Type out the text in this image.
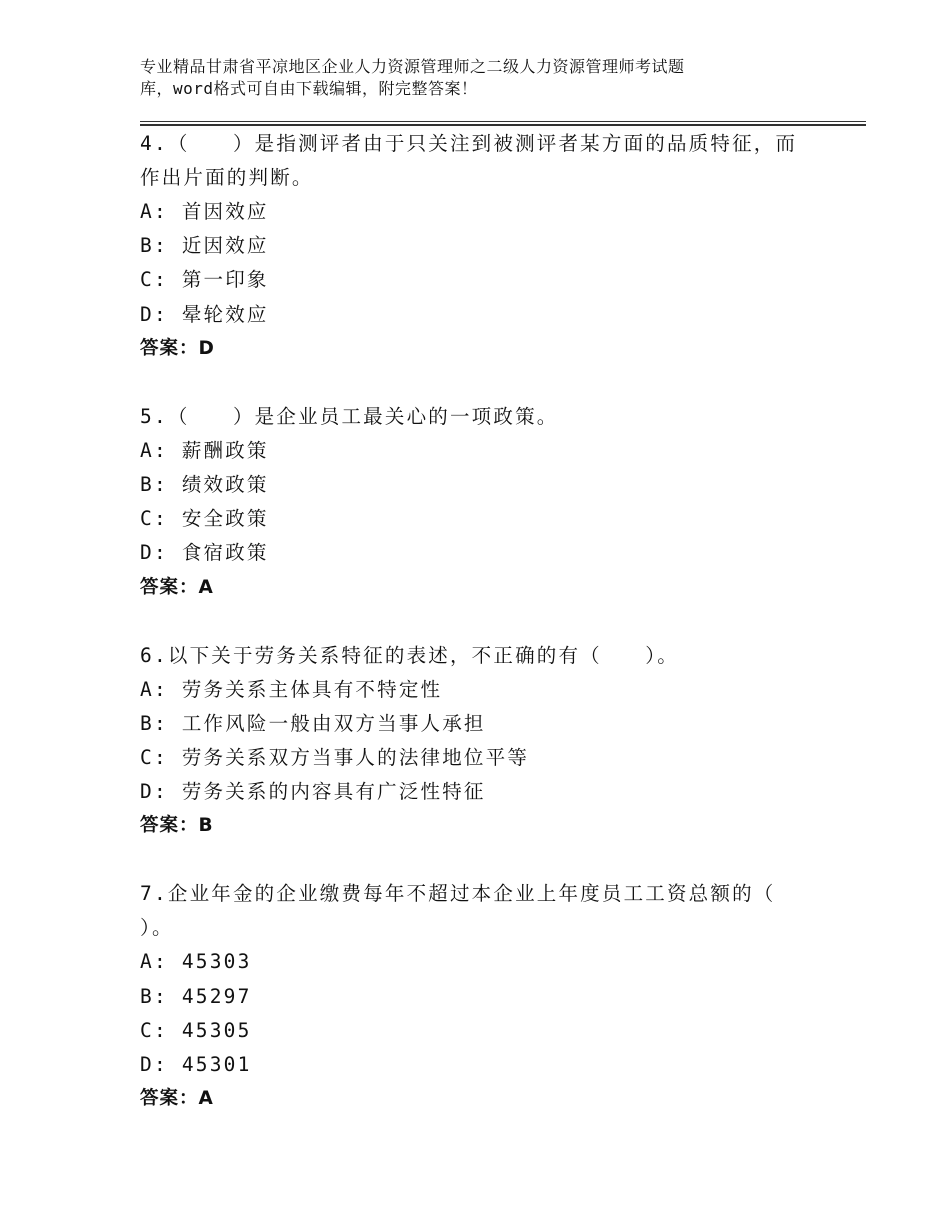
专业精品甘肃省平凉地区企业人力资源管理师之二级人力资源管理师考试题
库，word格式可自由下载编辑，附完整答案！
4.（　　）是指测评者由于只关注到被测评者某方面的品质特征，而
作出片面的判断。
A: 首因效应
B: 近因效应
C: 第一印象
D: 晕轮效应
答案：D
5.（　　）是企业员工最关心的一项政策。
A: 薪酬政策
B: 绩效政策
C: 安全政策
D: 食宿政策
答案：A
6.以下关于劳务关系特征的表述，不正确的有（　　）。
A: 劳务关系主体具有不特定性
B: 工作风险一般由双方当事人承担
C: 劳务关系双方当事人的法律地位平等
D: 劳务关系的内容具有广泛性特征
答案：B
7.企业年金的企业缴费每年不超过本企业上年度员工工资总额的（
）。
A: 45303
B: 45297
C: 45305
D: 45301
答案：A
